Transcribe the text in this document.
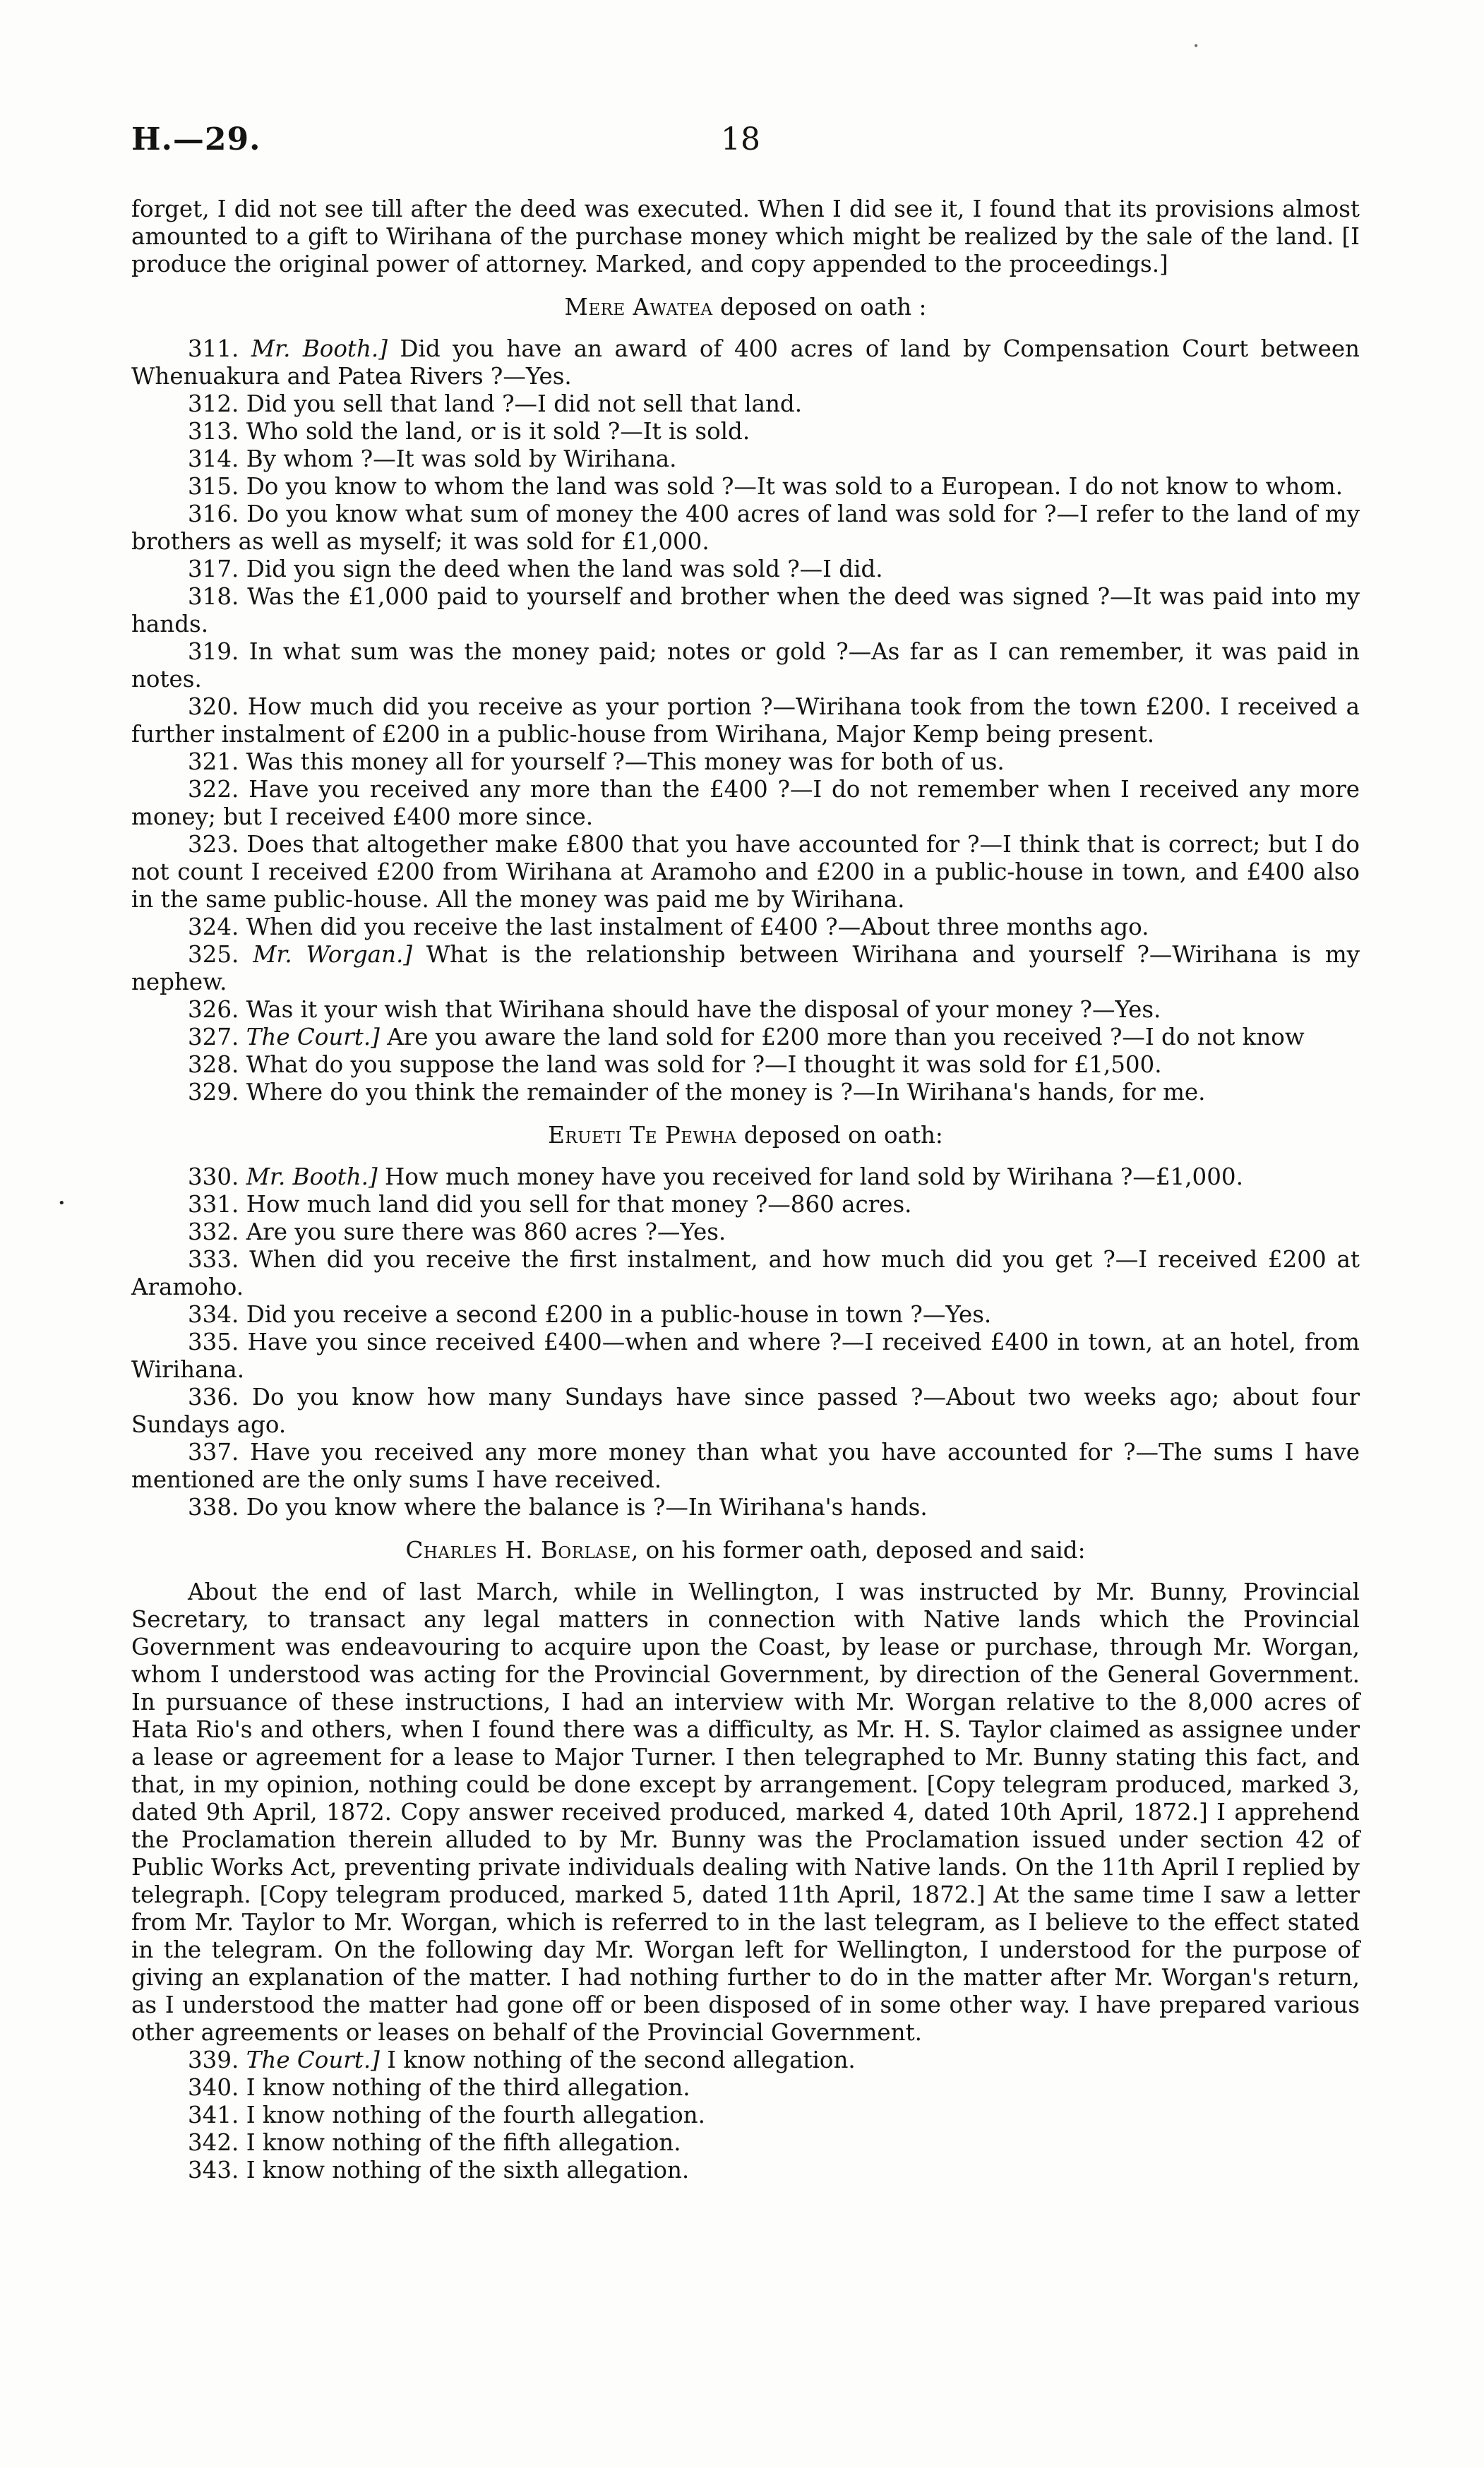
H.—29.	18
•
•

forget, I did not see till after the deed was executed. When I did see it, I found that its provisions almost amounted to a gift to Wirihana of the purchase money which might be realized by the sale of the land. [I produce the original power of attorney. Marked, and copy appended to the proceedings.]

Mere Awatea deposed on oath :

311. Mr. Booth.] Did you have an award of 400 acres of land by Compensation Court between Whenuakura and Patea Rivers ?—Yes.

312. Did you sell that land ?—I did not sell that land.

313. Who sold the land, or is it sold ?—It is sold.

314. By whom ?—It was sold by Wirihana.

315. Do you know to whom the land was sold ?—It was sold to a European. I do not know to whom.

316. Do you know what sum of money the 400 acres of land was sold for ?—I refer to the land of my brothers as well as myself; it was sold for £1,000.

317. Did you sign the deed when the land was sold ?—I did.

318. Was the £1,000 paid to yourself and brother when the deed was signed ?—It was paid into my hands.

319. In what sum was the money paid; notes or gold ?—As far as I can remember, it was paid in notes.

320. How much did you receive as your portion ?—Wirihana took from the town £200. I received a further instalment of £200 in a public-house from Wirihana, Major Kemp being present.

321. Was this money all for yourself ?—This money was for both of us.

322. Have you received any more than the £400 ?—I do not remember when I received any more money; but I received £400 more since.

323. Does that altogether make £800 that you have accounted for ?—I think that is correct; but I do not count I received £200 from Wirihana at Aramoho and £200 in a public-house in town, and £400 also in the same public-house. All the money was paid me by Wirihana.

324. When did you receive the last instalment of £400 ?—About three months ago.

325. Mr. Worgan.] What is the relationship between Wirihana and yourself ?—Wirihana is my nephew.

326. Was it your wish that Wirihana should have the disposal of your money ?—Yes.

327. The Court.] Are you aware the land sold for £200 more than you received ?—I do not know

328. What do you suppose the land was sold for ?—I thought it was sold for £1,500.

329. Where do you think the remainder of the money is ?—In Wirihana's hands, for me.

Erueti Te Pewha deposed on oath:

330. Mr. Booth.] How much money have you received for land sold by Wirihana ?—£1,000.

331. How much land did you sell for that money ?—860 acres.

332. Are you sure there was 860 acres ?—Yes.

333. When did you receive the first instalment, and how much did you get ?—I received £200 at Aramoho.

334. Did you receive a second £200 in a public-house in town ?—Yes.

335. Have you since received £400—when and where ?—I received £400 in town, at an hotel, from Wirihana.

336. Do you know how many Sundays have since passed ?—About two weeks ago; about four Sundays ago.

337. Have you received any more money than what you have accounted for ?—The sums I have mentioned are the only sums I have received.

338. Do you know where the balance is ?—In Wirihana's hands.

Charles H. Borlase, on his former oath, deposed and said:

About the end of last March, while in Wellington, I was instructed by Mr. Bunny, Provincial Secretary, to transact any legal matters in connection with Native lands which the Provincial Government was endeavouring to acquire upon the Coast, by lease or purchase, through Mr. Worgan, whom I understood was acting for the Provincial Government, by direction of the General Government. In pursuance of these instructions, I had an interview with Mr. Worgan relative to the 8,000 acres of Hata Rio's and others, when I found there was a difficulty, as Mr. H. S. Taylor claimed as assignee under a lease or agreement for a lease to Major Turner. I then telegraphed to Mr. Bunny stating this fact, and that, in my opinion, nothing could be done except by arrangement. [Copy telegram produced, marked 3, dated 9th April, 1872. Copy answer received produced, marked 4, dated 10th April, 1872.] I apprehend the Proclamation therein alluded to by Mr. Bunny was the Proclamation issued under section 42 of Public Works Act, preventing private individuals dealing with Native lands. On the 11th April I replied by telegraph. [Copy telegram produced, marked 5, dated 11th April, 1872.] At the same time I saw a letter from Mr. Taylor to Mr. Worgan, which is referred to in the last telegram, as I believe to the effect stated in the telegram. On the following day Mr. Worgan left for Wellington, I understood for the purpose of giving an explanation of the matter. I had nothing further to do in the matter after Mr. Worgan's return, as I understood the matter had gone off or been disposed of in some other way. I have prepared various other agreements or leases on behalf of the Provincial Government.

339. The Court.] I know nothing of the second allegation.

340. I know nothing of the third allegation.

341. I know nothing of the fourth allegation.

342. I know nothing of the fifth allegation.

343. I know nothing of the sixth allegation.
